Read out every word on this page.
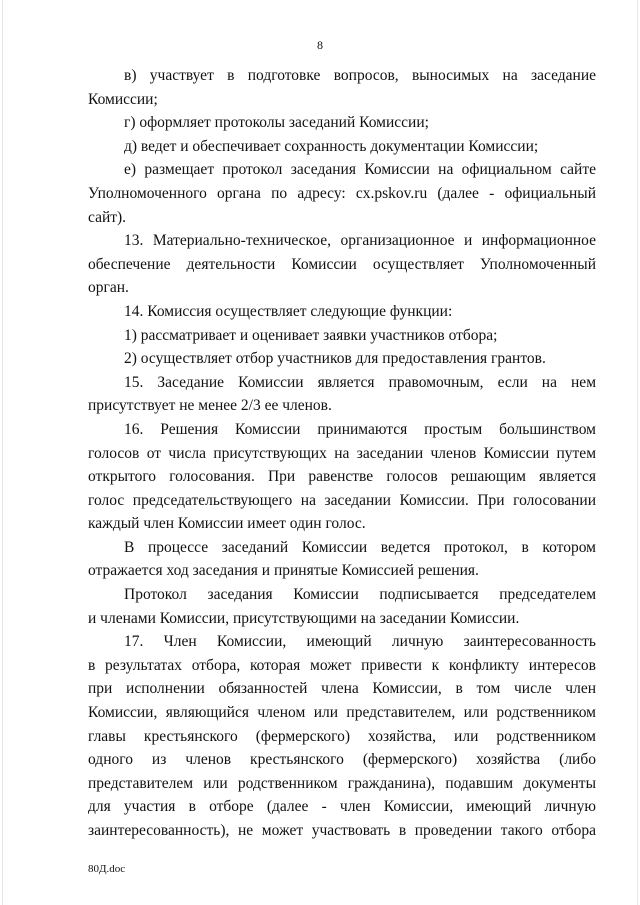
8
в) участвует в подготовке вопросов, выносимых на заседание
Комиссии;
г) оформляет протоколы заседаний Комиссии;
д) ведет и обеспечивает сохранность документации Комиссии;
е) размещает протокол заседания Комиссии на официальном сайте
Уполномоченного органа по адресу: cx.pskov.ru (далее - официальный
сайт).
13. Материально-техническое, организационное и информационное
обеспечение деятельности Комиссии осуществляет Уполномоченный
орган.
14. Комиссия осуществляет следующие функции:
1) рассматривает и оценивает заявки участников отбора;
2) осуществляет отбор участников для предоставления грантов.
15. Заседание Комиссии является правомочным, если на нем
присутствует не менее 2/3 ее членов.
16. Решения Комиссии принимаются простым большинством
голосов от числа присутствующих на заседании членов Комиссии путем
открытого голосования. При равенстве голосов решающим является
голос председательствующего на заседании Комиссии. При голосовании
каждый член Комиссии имеет один голос.
В процессе заседаний Комиссии ведется протокол, в котором
отражается ход заседания и принятые Комиссией решения.
Протокол заседания Комиссии подписывается председателем
и членами Комиссии, присутствующими на заседании Комиссии.
17. Член Комиссии, имеющий личную заинтересованность
в результатах отбора, которая может привести к конфликту интересов
при исполнении обязанностей члена Комиссии, в том числе член
Комиссии, являющийся членом или представителем, или родственником
главы крестьянского (фермерского) хозяйства, или родственником
одного из членов крестьянского (фермерского) хозяйства (либо
представителем или родственником гражданина), подавшим документы
для участия в отборе (далее - член Комиссии, имеющий личную
заинтересованность), не может участвовать в проведении такого отбора
80Д.doc
